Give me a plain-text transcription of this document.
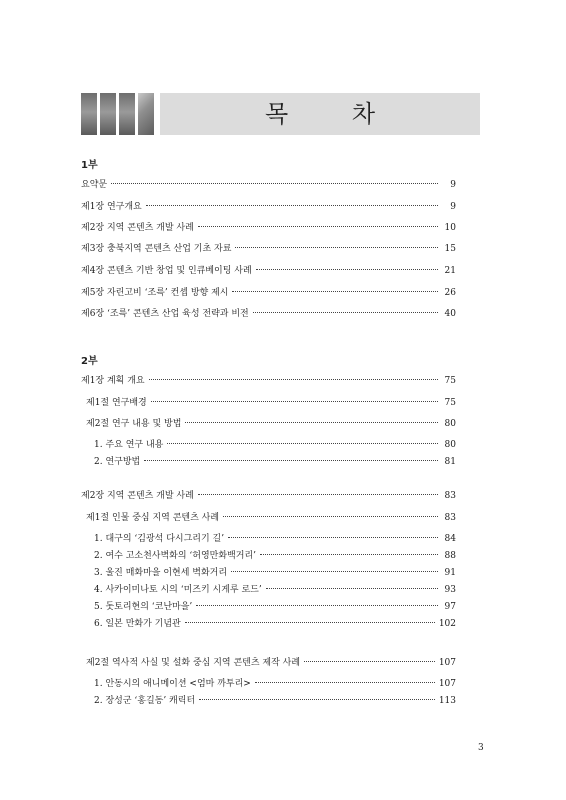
목 차
1부
요약문	9
제1장 연구개요	9
제2장 지역 콘텐츠 개발 사례	10
제3장 충북지역 콘텐츠 산업 기초 자료	15
제4장 콘텐츠 기반 창업 및 인큐베이팅 사례	21
제5장 자린고비 ‘조륵’ 컨셉 방향 제시	26
제6장 ‘조륵’ 콘텐츠 산업 육성 전략과 비전	40
2부
제1장 계획 개요	75
제1절 연구배경	75
제2절 연구 내용 및 방법	80
1. 주요 연구 내용	80
2. 연구방법	81
제2장 지역 콘텐츠 개발 사례	83
제1절 인물 중심 지역 콘텐츠 사례	83
1. 대구의 ‘김광석 다시그리기 길’	84
2. 여수 고소천사벽화의 ‘허영만화백거리’	88
3. 울진 매화마을 이현세 벽화거리	91
4. 사카이미나토 시의 ‘미즈키 시게루 로드’	93
5. 돗토리현의 ‘코난마을’	97
6. 일본 만화가 기념관	102
제2절 역사적 사실 및 설화 중심 지역 콘텐츠 제작 사례	107
1. 안동시의 애니메이션 <엄마 까투리>	107
2. 장성군 ‘홍길동’ 캐릭터	113
3
